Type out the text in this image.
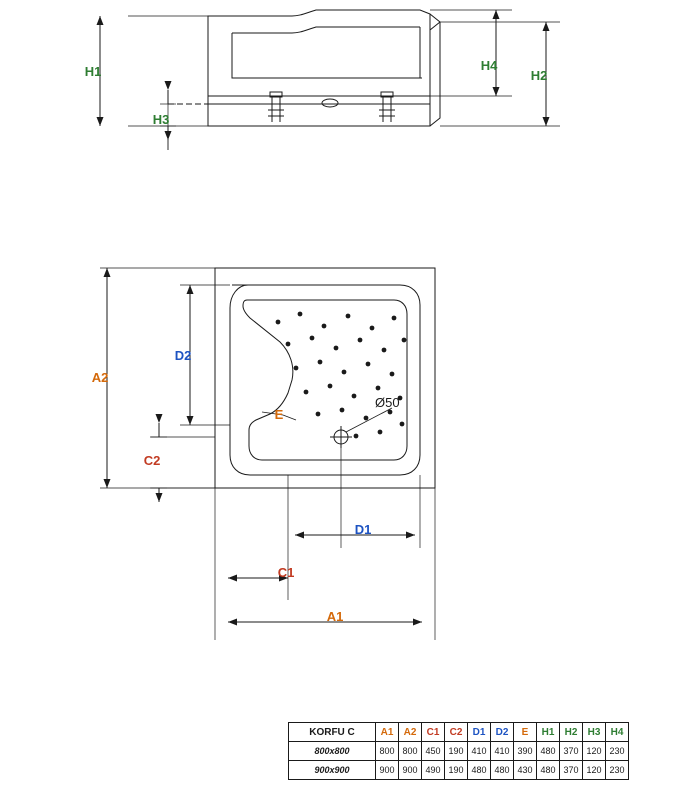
H1
H3
H4
H2
A2
D2
C2
A1
C1
D1
E
Ø50
KORFU C	A1	A2	C1	C2	D1	D2	E	H1	H2	H3	H4
800x800	800	800	450	190	410	410	390	480	370	120	230
900x900	900	900	490	190	480	480	430	480	370	120	230
